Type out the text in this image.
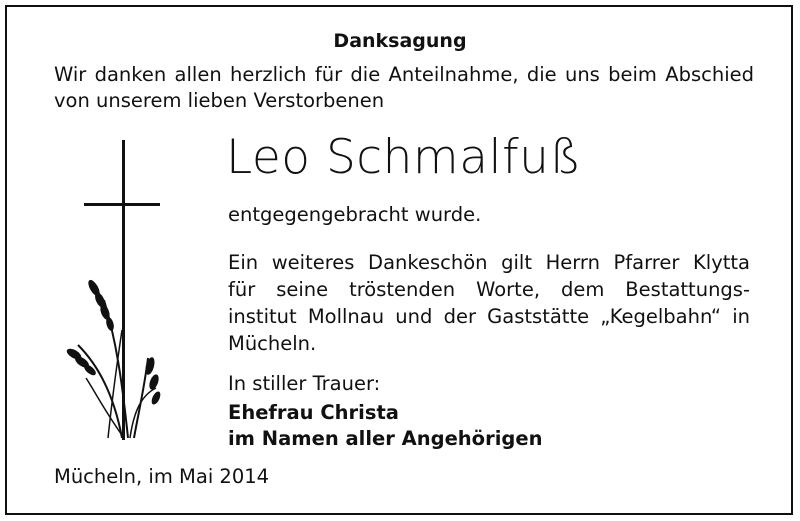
Danksagung
Wir danken allen herzlich für die Anteilnahme, die uns beim Abschied von unserem lieben Verstorbenen
Leo Schmalfuß
entgegengebracht wurde.
Ein weiteres Dankeschön gilt Herrn Pfarrer Klytta
für seine tröstenden Worte, dem Bestattungs-
institut Mollnau und der Gaststätte „Kegelbahn“ in
Mücheln.
In stiller Trauer:
Ehefrau Christa
im Namen aller Angehörigen
Mücheln, im Mai 2014
